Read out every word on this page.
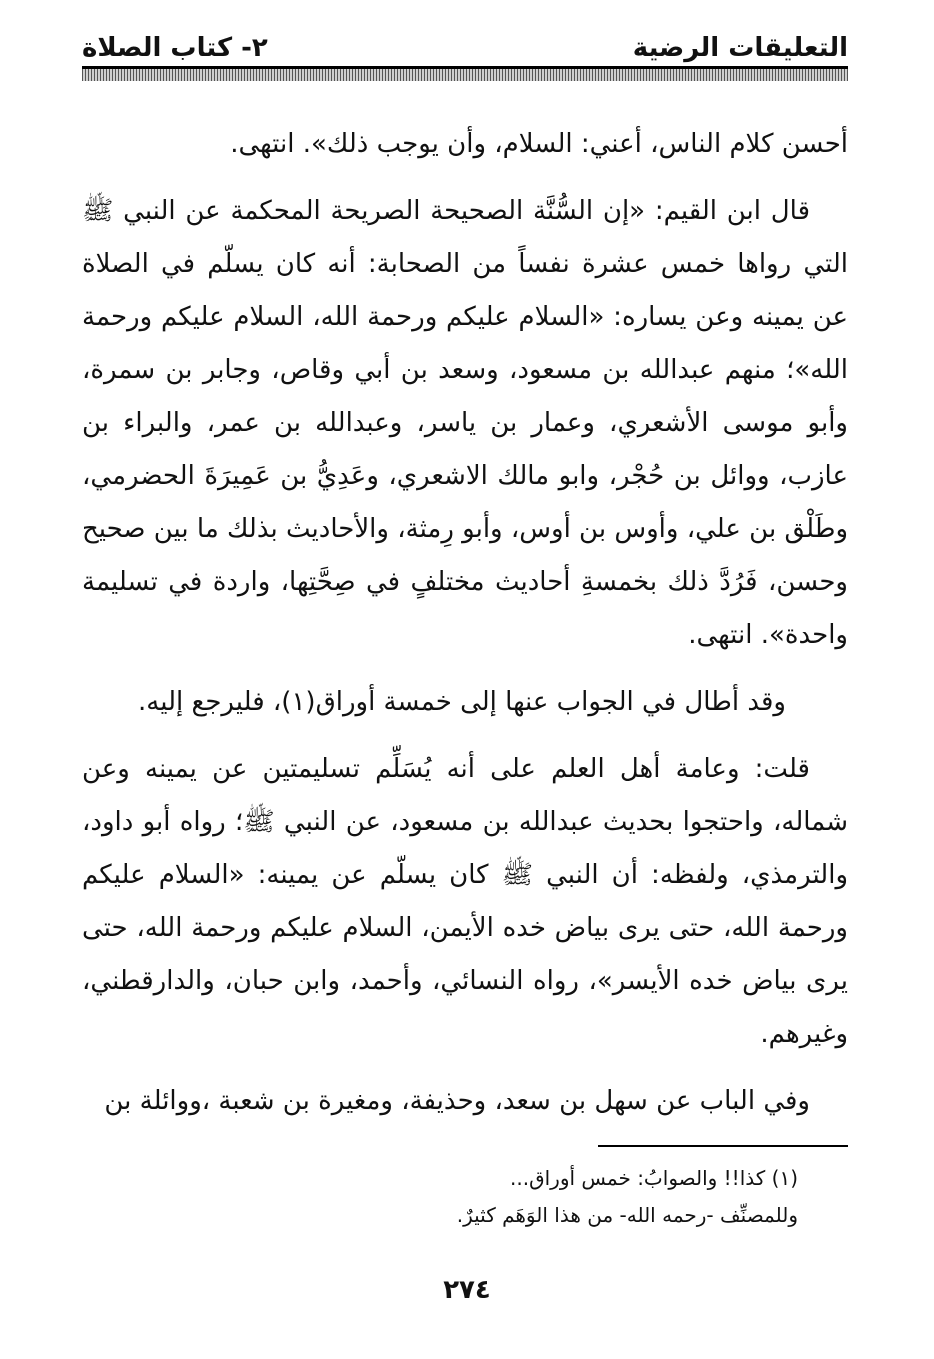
التعليقات الرضية
٢- كتاب الصلاة

أحسن كلام الناس، أعني: السلام، وأن يوجب ذلك». انتهى.

قال ابن القيم: «إن السُّنَّة الصحيحة الصريحة المحكمة عن النبي ﷺ التي رواها خمس عشرة نفساً من الصحابة: أنه كان يسلّم في الصلاة عن يمينه وعن يساره: «السلام عليكم ورحمة الله، السلام عليكم ورحمة الله»؛ منهم عبدالله بن مسعود، وسعد بن أبي وقاص، وجابر بن سمرة، وأبو موسى الأشعري، وعمار بن ياسر، وعبدالله بن عمر، والبراء بن عازب، ووائل بن حُجْر، وابو مالك الاشعري، وعَدِيُّ بن عَمِيرَةَ الحضرمي، وطَلْق بن علي، وأوس بن أوس، وأبو رِمثة، والأحاديث بذلك ما بين صحيح وحسن، فَرُدَّ ذلك بخمسةِ أحاديث مختلفٍ في صِحَّتِها، واردة في تسليمة واحدة». انتهى.

وقد أطال في الجواب عنها إلى خمسة أوراق(١)، فليرجع إليه.

قلت: وعامة أهل العلم على أنه يُسَلِّم تسليمتين عن يمينه وعن شماله، واحتجوا بحديث عبدالله بن مسعود، عن النبي ﷺ؛ رواه أبو داود، والترمذي، ولفظه: أن النبي ﷺ كان يسلّم عن يمينه: «السلام عليكم ورحمة الله، حتى يرى بياض خده الأيمن، السلام عليكم ورحمة الله، حتى يرى بياض خده الأيسر»، رواه النسائي، وأحمد، وابن حبان، والدارقطني، وغيرهم.

وفي الباب عن سهل بن سعد، وحذيفة، ومغيرة بن شعبة ،ووائلة بن

(١) كذا!! والصوابُ: خمس أوراق...

وللمصنِّف -رحمه الله- من هذا الوَهَم كثيرٌ.

٢٧٤
